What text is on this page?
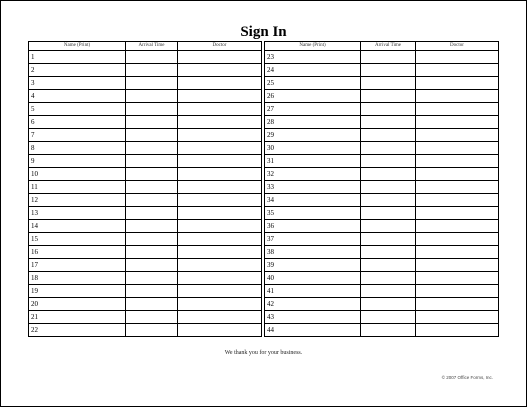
Sign In
Name (Print)	Arrival Time	Doctor
1		
2		
3		
4		
5		
6		
7		
8		
9		
10		
11		
12		
13		
14		
15		
16		
17		
18		
19		
20		
21		
22		
Name (Print)	Arrival Time	Doctor
23		
24		
25		
26		
27		
28		
29		
30		
31		
32		
33		
34		
35		
36		
37		
38		
39		
40		
41		
42		
43		
44		
We thank you for your business.
© 2007 Office Forms, Inc.
